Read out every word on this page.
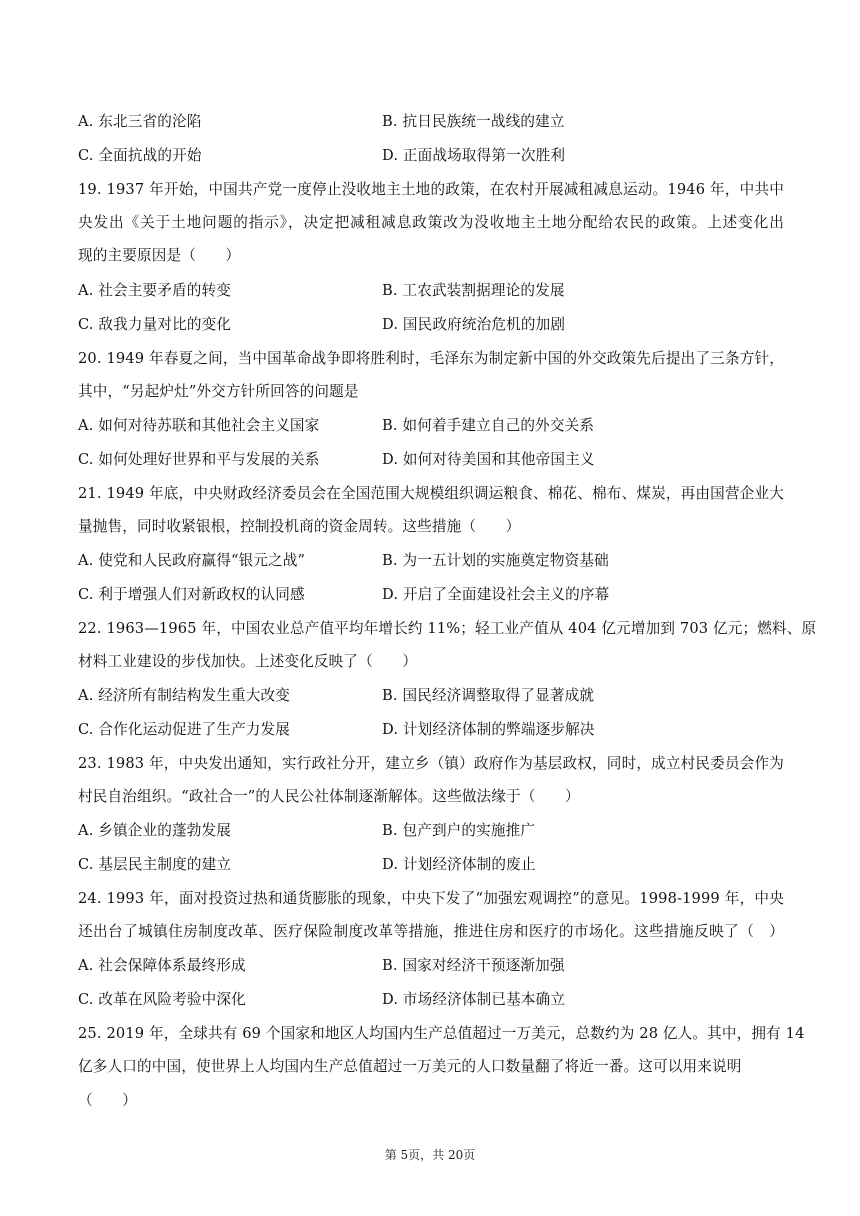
A. 东北三省的沦陷	B. 抗日民族统一战线的建立
C. 全面抗战的开始	D. 正面战场取得第一次胜利
19. 1937 年开始，中国共产党一度停止没收地主土地的政策，在农村开展减租减息运动。1946 年，中共中
央发出《关于土地问题的指示》，决定把减租减息政策改为没收地主土地分配给农民的政策。上述变化出
现的主要原因是（　　）
A. 社会主要矛盾的转变	B. 工农武装割据理论的发展
C. 敌我力量对比的变化	D. 国民政府统治危机的加剧
20. 1949 年春夏之间，当中国革命战争即将胜利时，毛泽东为制定新中国的外交政策先后提出了三条方针，
其中，“另起炉灶”外交方针所回答的问题是
A. 如何对待苏联和其他社会主义国家	B. 如何着手建立自己的外交关系
C. 如何处理好世界和平与发展的关系	D. 如何对待美国和其他帝国主义
21. 1949 年底，中央财政经济委员会在全国范围大规模组织调运粮食、棉花、棉布、煤炭，再由国营企业大
量抛售，同时收紧银根，控制投机商的资金周转。这些措施（　　）
A. 使党和人民政府赢得“银元之战”	B. 为一五计划的实施奠定物资基础
C. 利于增强人们对新政权的认同感	D. 开启了全面建设社会主义的序幕
22. 1963—1965 年，中国农业总产值平均年增长约 11%；轻工业产值从 404 亿元增加到 703 亿元；燃料、原
材料工业建设的步伐加快。上述变化反映了（　　）
A. 经济所有制结构发生重大改变	B. 国民经济调整取得了显著成就
C. 合作化运动促进了生产力发展	D. 计划经济体制的弊端逐步解决
23. 1983 年，中央发出通知，实行政社分开，建立乡（镇）政府作为基层政权，同时，成立村民委员会作为
村民自治组织。“政社合一”的人民公社体制逐渐解体。这些做法缘于（　　）
A. 乡镇企业的蓬勃发展	B. 包产到户的实施推广
C. 基层民主制度的建立	D. 计划经济体制的废止
24. 1993 年，面对投资过热和通货膨胀的现象，中央下发了“加强宏观调控”的意见。1998-1999 年，中央
还出台了城镇住房制度改革、医疗保险制度改革等措施，推进住房和医疗的市场化。这些措施反映了（　）
A. 社会保障体系最终形成	B. 国家对经济干预逐渐加强
C. 改革在风险考验中深化	D. 市场经济体制已基本确立
25. 2019 年，全球共有 69 个国家和地区人均国内生产总值超过一万美元，总数约为 28 亿人。其中，拥有 14
亿多人口的中国，使世界上人均国内生产总值超过一万美元的人口数量翻了将近一番。这可以用来说明
（　　）
第 5页，共 20页
